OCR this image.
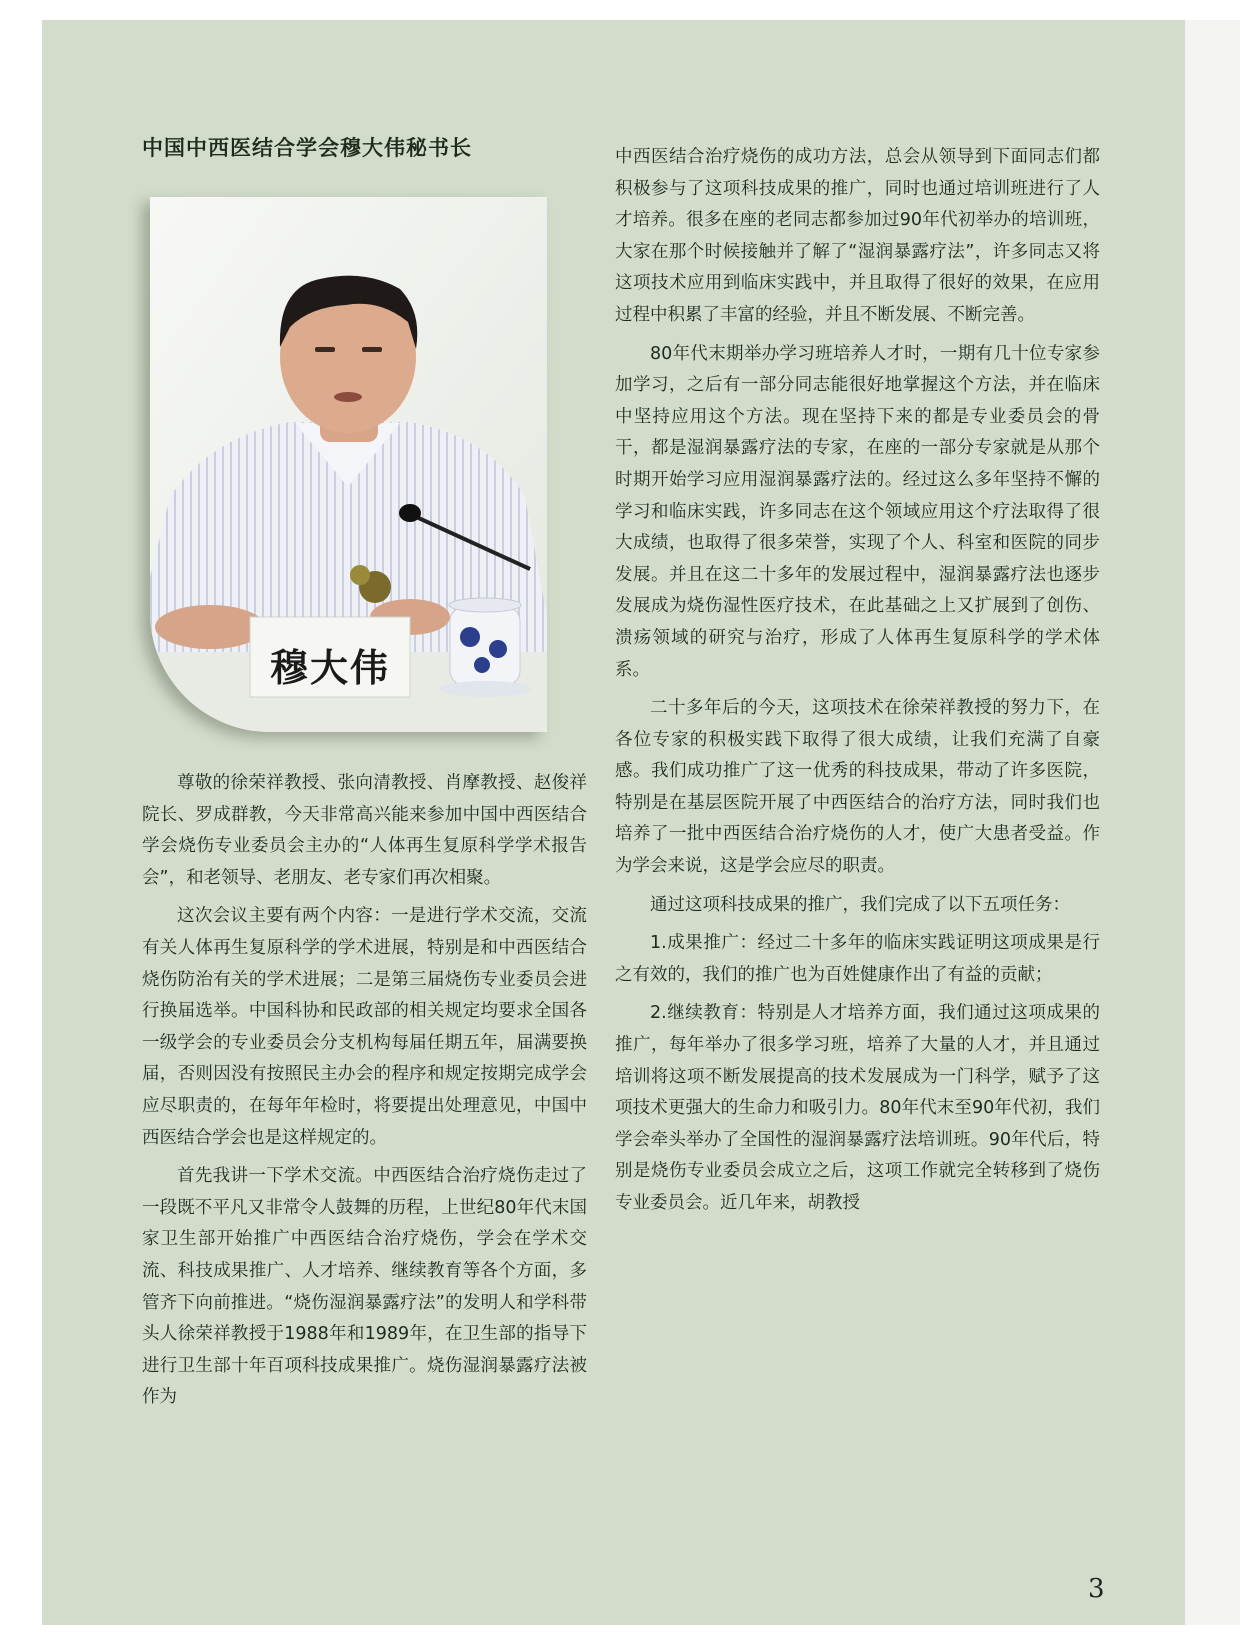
中国中西医结合学会穆大伟秘书长
穆大伟

尊敬的徐荣祥教授、张向清教授、肖摩教授、赵俊祥院长、罗成群教，今天非常高兴能来参加中国中西医结合学会烧伤专业委员会主办的“人体再生复原科学学术报告会”，和老领导、老朋友、老专家们再次相聚。

这次会议主要有两个内容：一是进行学术交流，交流有关人体再生复原科学的学术进展，特别是和中西医结合烧伤防治有关的学术进展；二是第三届烧伤专业委员会进行换届选举。中国科协和民政部的相关规定均要求全国各一级学会的专业委员会分支机构每届任期五年，届满要换届，否则因没有按照民主办会的程序和规定按期完成学会应尽职责的，在每年年检时，将要提出处理意见，中国中西医结合学会也是这样规定的。

首先我讲一下学术交流。中西医结合治疗烧伤走过了一段既不平凡又非常令人鼓舞的历程，上世纪80年代末国家卫生部开始推广中西医结合治疗烧伤，学会在学术交流、科技成果推广、人才培养、继续教育等各个方面，多管齐下向前推进。“烧伤湿润暴露疗法”的发明人和学科带头人徐荣祥教授于1988年和1989年，在卫生部的指导下进行卫生部十年百项科技成果推广。烧伤湿润暴露疗法被作为

中西医结合治疗烧伤的成功方法，总会从领导到下面同志们都积极参与了这项科技成果的推广，同时也通过培训班进行了人才培养。很多在座的老同志都参加过90年代初举办的培训班，大家在那个时候接触并了解了“湿润暴露疗法”，许多同志又将这项技术应用到临床实践中，并且取得了很好的效果，在应用过程中积累了丰富的经验，并且不断发展、不断完善。

80年代末期举办学习班培养人才时，一期有几十位专家参加学习，之后有一部分同志能很好地掌握这个方法，并在临床中坚持应用这个方法。现在坚持下来的都是专业委员会的骨干，都是湿润暴露疗法的专家，在座的一部分专家就是从那个时期开始学习应用湿润暴露疗法的。经过这么多年坚持不懈的学习和临床实践，许多同志在这个领域应用这个疗法取得了很大成绩，也取得了很多荣誉，实现了个人、科室和医院的同步发展。并且在这二十多年的发展过程中，湿润暴露疗法也逐步发展成为烧伤湿性医疗技术，在此基础之上又扩展到了创伤、溃疡领域的研究与治疗，形成了人体再生复原科学的学术体系。

二十多年后的今天，这项技术在徐荣祥教授的努力下，在各位专家的积极实践下取得了很大成绩，让我们充满了自豪感。我们成功推广了这一优秀的科技成果，带动了许多医院，特别是在基层医院开展了中西医结合的治疗方法，同时我们也培养了一批中西医结合治疗烧伤的人才，使广大患者受益。作为学会来说，这是学会应尽的职责。

通过这项科技成果的推广，我们完成了以下五项任务：

1.成果推广：经过二十多年的临床实践证明这项成果是行之有效的，我们的推广也为百姓健康作出了有益的贡献；

2.继续教育：特别是人才培养方面，我们通过这项成果的推广，每年举办了很多学习班，培养了大量的人才，并且通过培训将这项不断发展提高的技术发展成为一门科学，赋予了这项技术更强大的生命力和吸引力。80年代末至90年代初，我们学会牵头举办了全国性的湿润暴露疗法培训班。90年代后，特别是烧伤专业委员会成立之后，这项工作就完全转移到了烧伤专业委员会。近几年来，胡教授

3
